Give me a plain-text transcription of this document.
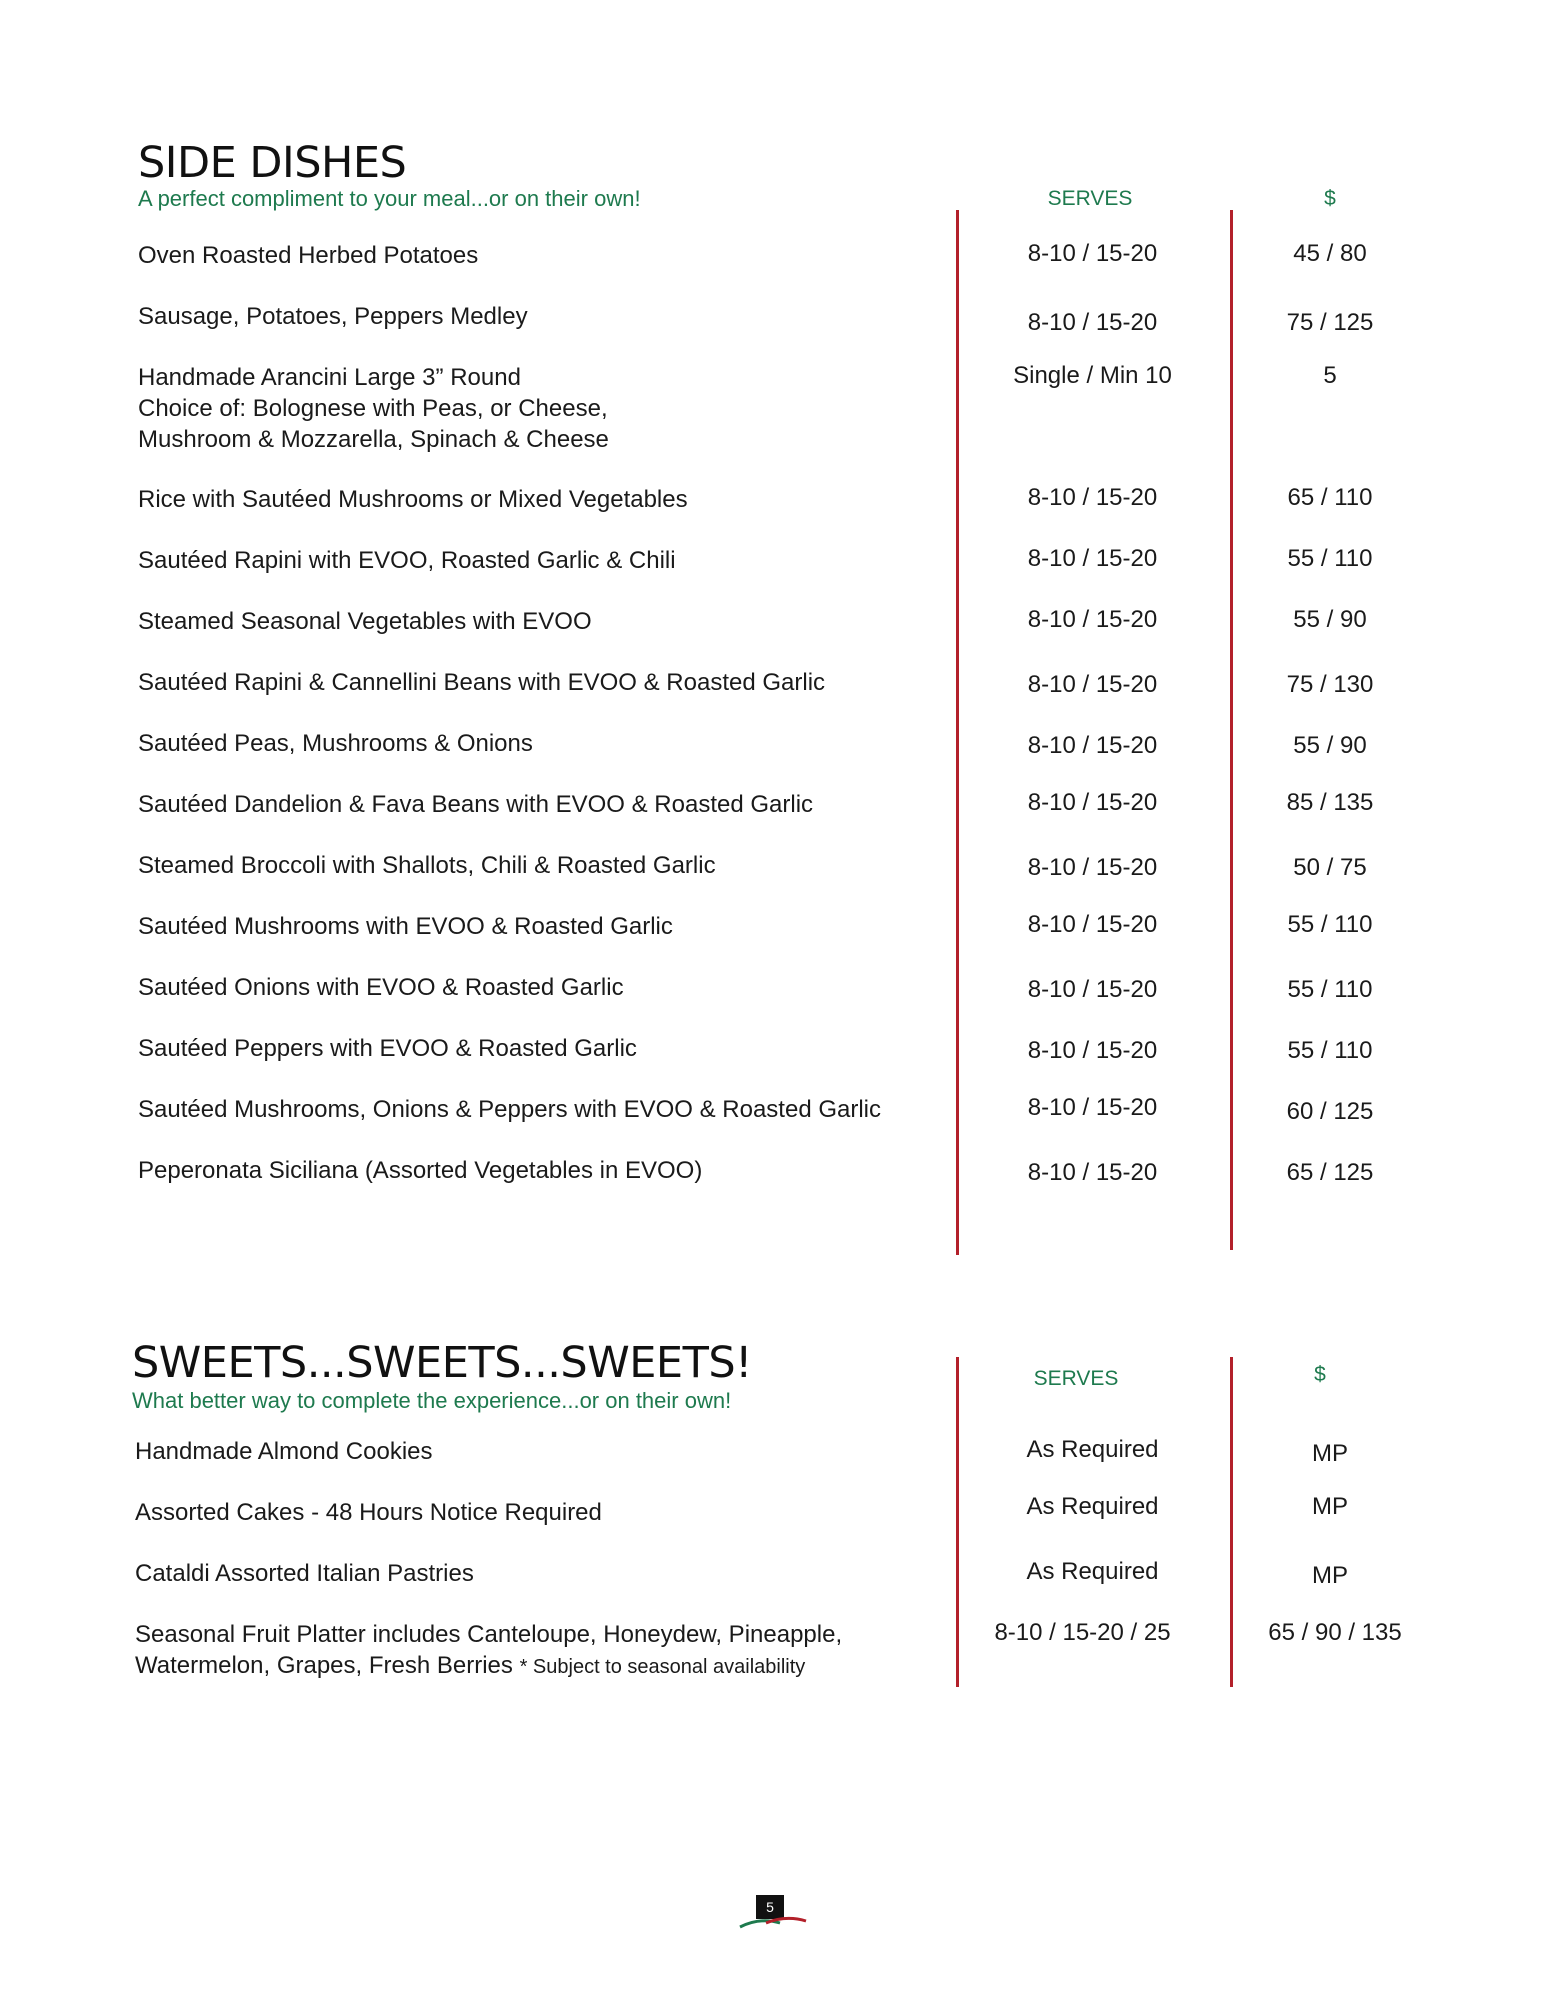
SIDE DISHES
A perfect compliment to your meal...or on their own!	SERVES	$
Oven Roasted Herbed Potatoes	8-10 / 15-20	45 / 80
Sausage, Potatoes, Peppers Medley	8-10 / 15-20	75 / 125
Handmade Arancini Large 3” Round
Choice of: Bolognese with Peas, or Cheese,
Mushroom & Mozzarella, Spinach & Cheese
Single / Min 10	5
Rice with Sautéed Mushrooms or Mixed Vegetables	8-10 / 15-20	65 / 110
Sautéed Rapini with EVOO, Roasted Garlic & Chili	8-10 / 15-20	55 / 110
Steamed Seasonal Vegetables with EVOO	8-10 / 15-20	55 / 90
Sautéed Rapini & Cannellini Beans with EVOO & Roasted Garlic	8-10 / 15-20	75 / 130
Sautéed Peas, Mushrooms & Onions	8-10 / 15-20	55 / 90
Sautéed Dandelion & Fava Beans with EVOO & Roasted Garlic	8-10 / 15-20	85 / 135
Steamed Broccoli with Shallots, Chili & Roasted Garlic	8-10 / 15-20	50 / 75
Sautéed Mushrooms with EVOO & Roasted Garlic	8-10 / 15-20	55 / 110
Sautéed Onions with EVOO & Roasted Garlic	8-10 / 15-20	55 / 110
Sautéed Peppers with EVOO & Roasted Garlic	8-10 / 15-20	55 / 110
Sautéed Mushrooms, Onions & Peppers with EVOO & Roasted Garlic	8-10 / 15-20	60 / 125
Peperonata Siciliana (Assorted Vegetables in EVOO)	8-10 / 15-20	65 / 125
SWEETS...SWEETS...SWEETS!
What better way to complete the experience...or on their own!
SERVES	$
Handmade Almond Cookies	As Required	MP
Assorted Cakes - 48 Hours Notice Required	As Required	MP
Cataldi Assorted Italian Pastries	As Required	MP
Seasonal Fruit Platter includes Canteloupe, Honeydew, Pineapple,
Watermelon, Grapes, Fresh Berries * Subject to seasonal availability
8-10 / 15-20 / 25	65 / 90 / 135
5
